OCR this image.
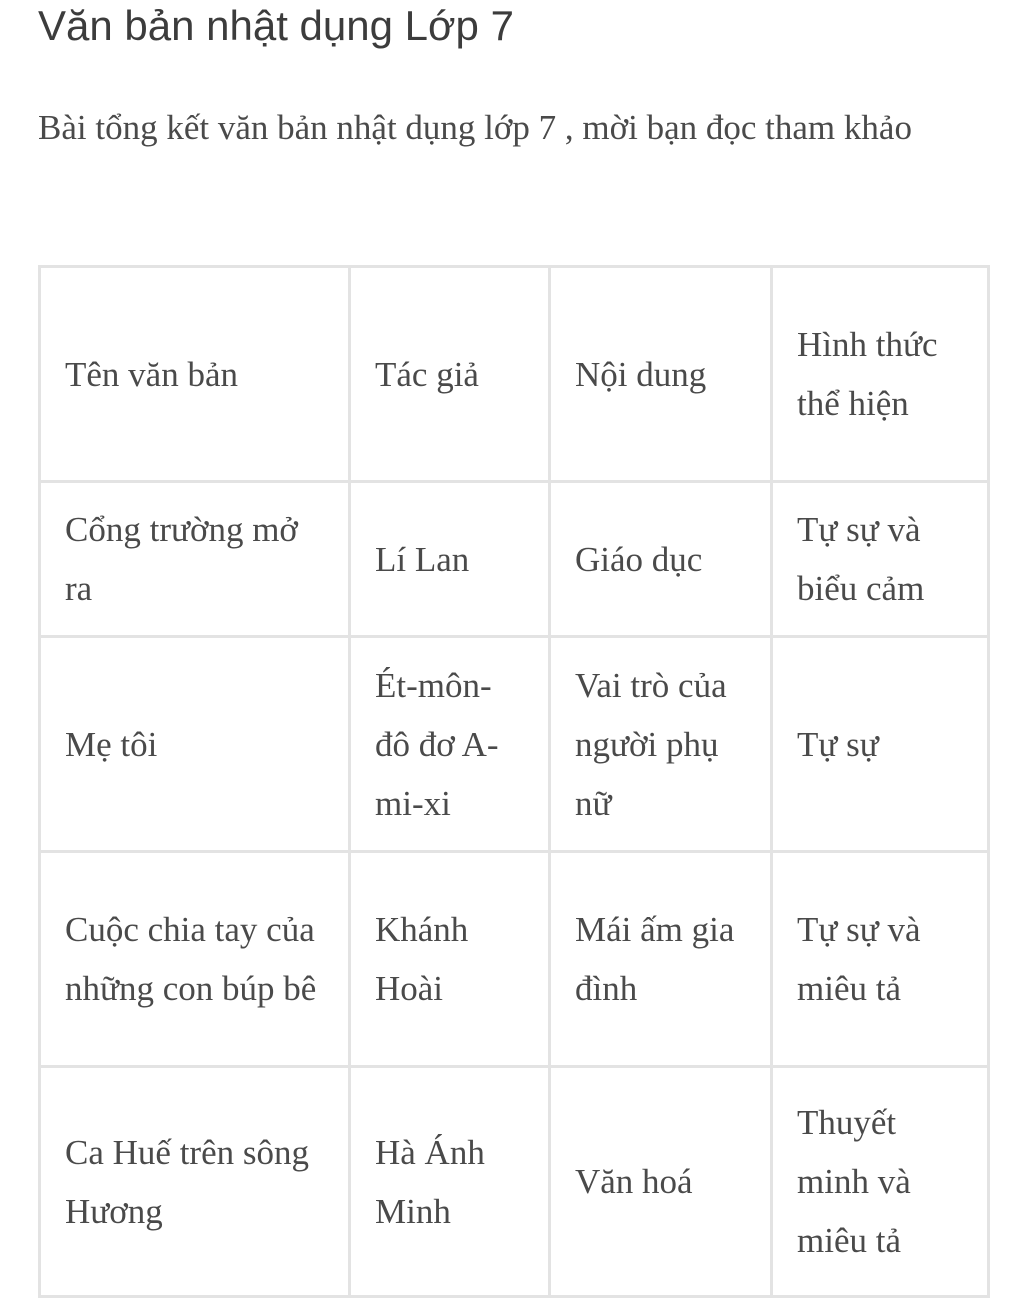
Văn bản nhật dụng Lớp 7

Bài tổng kết văn bản nhật dụng lớp 7 , mời bạn đọc tham khảo

Tên văn bản	Tác giả	Nội dung	Hình thức thể hiện
Cổng trường mở ra	Lí Lan	Giáo dục	Tự sự và biểu cảm
Mẹ tôi	Ét-môn-đô đơ A-mi-xi	Vai trò của người phụ nữ	Tự sự
Cuộc chia tay của những con búp bê	Khánh Hoài	Mái ấm gia đình	Tự sự và miêu tả
Ca Huế trên sông Hương	Hà Ánh Minh	Văn hoá	Thuyết minh và miêu tả
